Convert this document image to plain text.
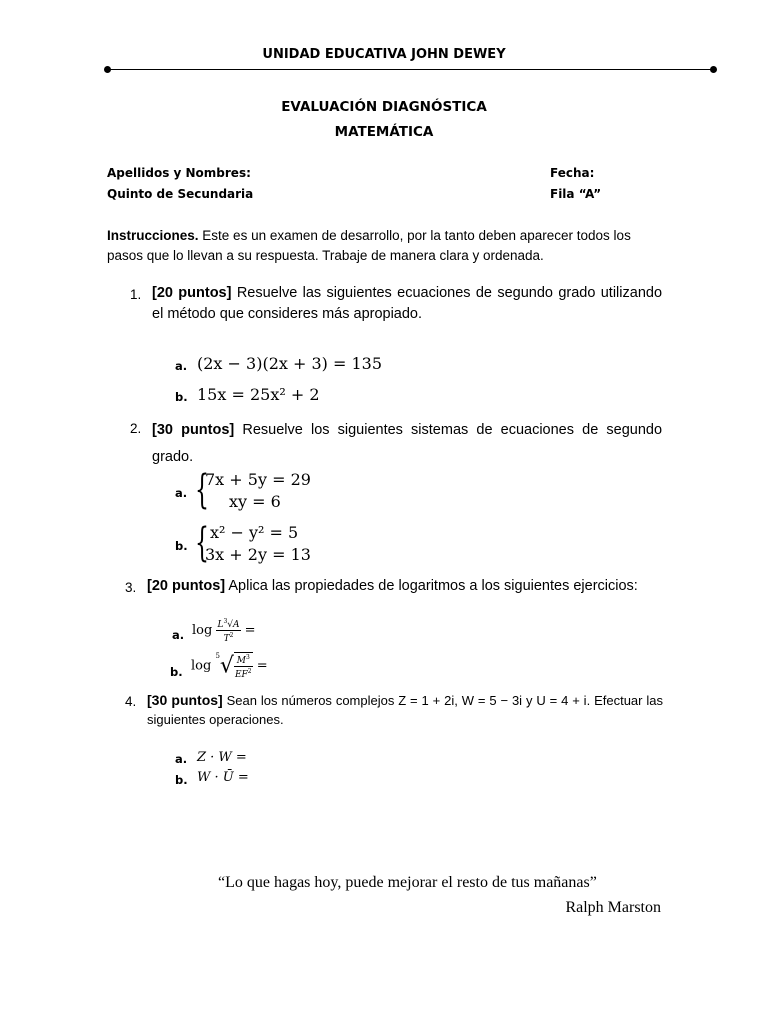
UNIDAD EDUCATIVA JOHN DEWEY
EVALUACIÓN DIAGNÓSTICA
MATEMÁTICA
Apellidos y Nombres:
Quinto de Secundaria
Fecha:
Fila “A”
Instrucciones. Este es un examen de desarrollo, por la tanto deben aparecer todos los pasos que lo llevan a su respuesta. Trabaje de manera clara y ordenada.
1. [20 puntos] Resuelve las siguientes ecuaciones de segundo grado utilizando el método que consideres más apropiado.
a. (2x − 3)(2x + 3) = 135
b. 15x = 25x² + 2
2. [30 puntos] Resuelve los siguientes sistemas de ecuaciones de segundo grado.
a. {
7x + 5y = 29
xy = 6
b. { x² − y² = 5
3x + 2y = 13
3. [20 puntos] Aplica las propiedades de logaritmos a los siguientes ejercicios:
a. $\log \frac{L^3√A}{T^2}$ =
b. $\log ^5√ \frac{M^3}{EF^2}$ =
4. [30 puntos] Sean los números complejos Z = 1 + 2i, W = 5 − 3i y U = 4 + i. Efectuar las siguientes operaciones.
a. Z · W =
b. W · Ū =
“Lo que hagas hoy, puede mejorar el resto de tus mañanas”
Ralph Marston
